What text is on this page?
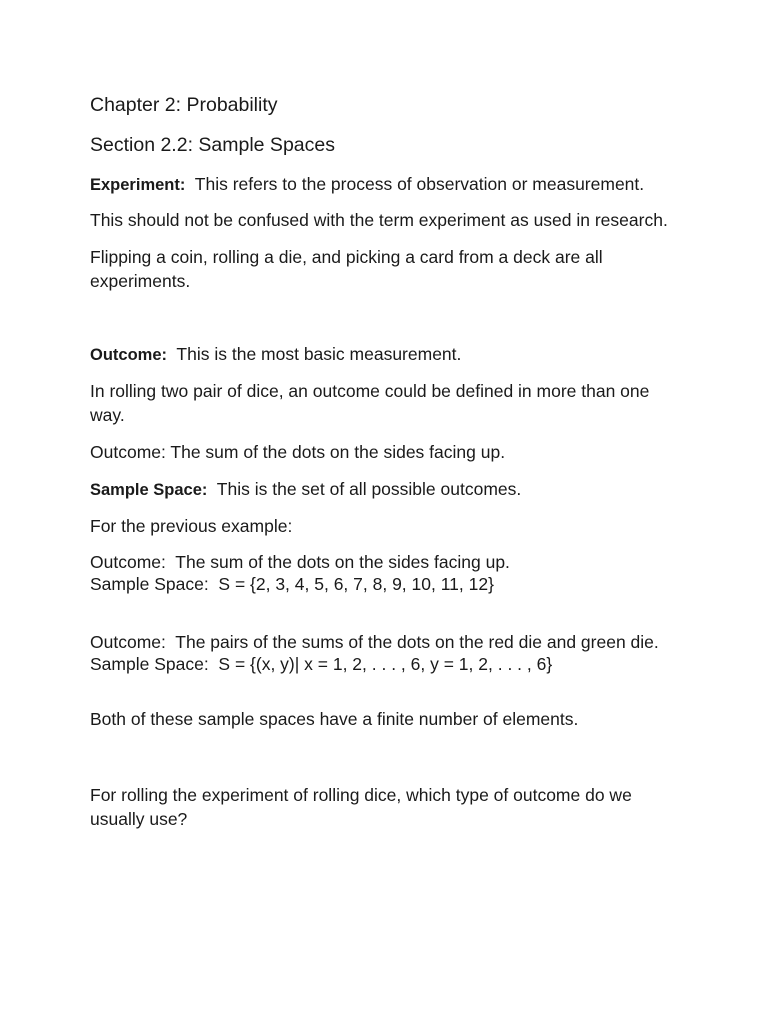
Chapter 2: Probability

Section 2.2: Sample Spaces

Experiment:  This refers to the process of observation or measurement.

This should not be confused with the term experiment as used in research.

Flipping a coin, rolling a die, and picking a card from a deck are all experiments.

Outcome:  This is the most basic measurement.

In rolling two pair of dice, an outcome could be defined in more than one way.

Outcome: The sum of the dots on the sides facing up.

Sample Space:  This is the set of all possible outcomes.

For the previous example:

Outcome:  The sum of the dots on the sides facing up.

Sample Space:  S = {2, 3, 4, 5, 6, 7, 8, 9, 10, 11, 12}

Outcome:  The pairs of the sums of the dots on the red die and green die.

Sample Space:  S = {(x, y)| x = 1, 2, . . . , 6, y = 1, 2, . . . , 6}

Both of these sample spaces have a finite number of elements.

For rolling the experiment of rolling dice, which type of outcome do we usually use?
